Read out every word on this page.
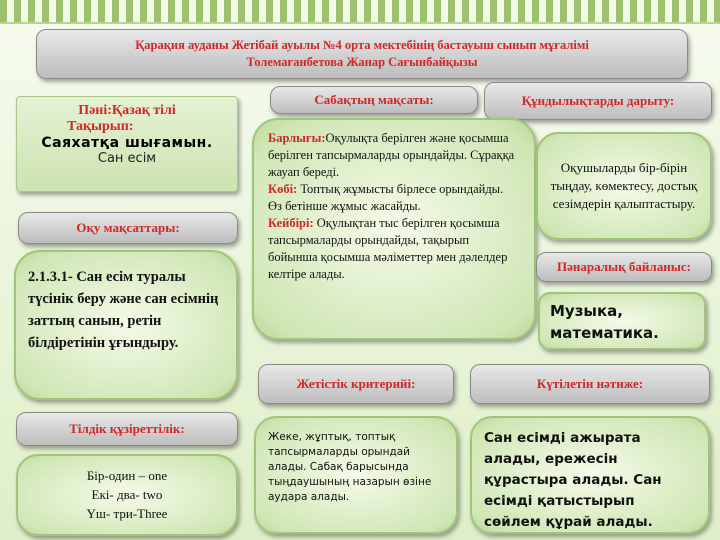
Қарақия ауданы Жетібай ауылы №4 орта мектебінің бастауыш сынып мұғалімі
Толемағанбетова Жанар Сағынбайқызы
Пәні:Қазақ тілі
Тақырып:
Саяхатқа шығамын.
Сан есім
Сабақтың мақсаты:	Құндылықтарды дарыту:
Барлығы:Оқулықта берілген және қосымша берілген тапсырмаларды орындайды. Сұраққа жауап береді.
Көбі: Топтық жұмысты бірлесе орындайды. Өз бетінше жұмыс жасайды.
Кейбірі: Оқулықтан тыс берілген қосымша тапсырмаларды орындайды, тақырып бойынша қосымша мәліметтер мен дәлелдер келтіре алады.
Оқушыларды бір-бірін тыңдау, көмектесу, достық сезімдерін қалыптастыру.
Оқу мақсаттары:
2.1.3.1- Сан есім туралы түсінік беру және сан есімнің заттың санын, ретін білдіретінін ұғындыру.
Пәнаралық байланыс:
Музыка, математика.
Жетістік критерийі:	Күтілетін нәтиже:
Тілдік құзіреттілік:
Жеке, жұптық, топтық тапсырмаларды орындай алады. Сабақ барысында тыңдаушының назарын өзіне аудара алады.
Сан есімді ажырата алады, ережесін құрастыра алады. Сан есімді қатыстырып сөйлем құрай алады.
Бір-один – one
Екі- два- two
Үш- три-Three
